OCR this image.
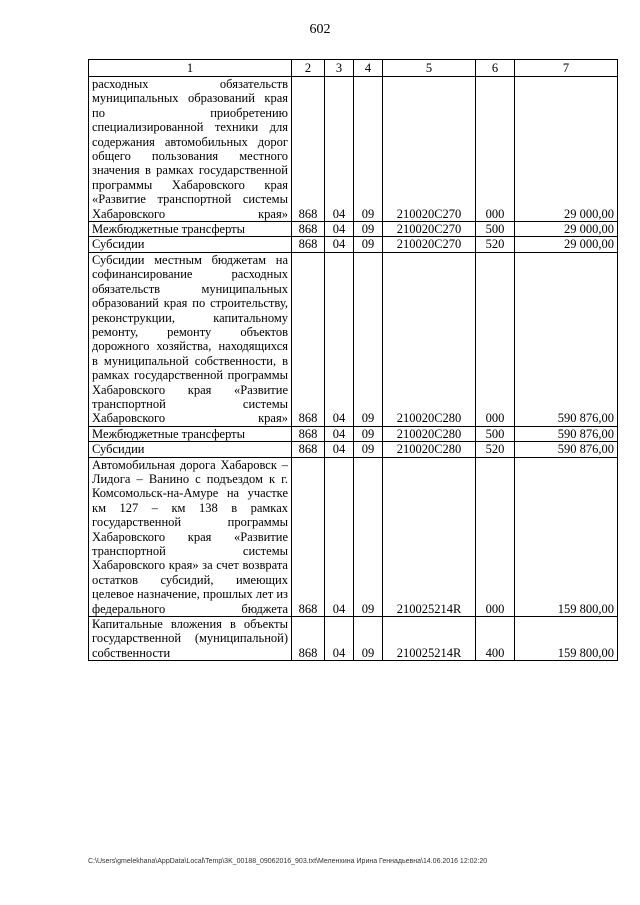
602
1	2	3	4	5	6	7
расходных обязательств муниципальных образований края по приобретению специализированной техники для содержания автомобильных дорог общего пользования местного значения в рамках государственной программы Хабаровского края «Развитие транспортной системы Хабаровского края»	868	04	09	210020С270	000	29 000,00
Межбюджетные трансферты	868	04	09	210020С270	500	29 000,00
Субсидии	868	04	09	210020С270	520	29 000,00
Субсидии местным бюджетам на софинансирование расходных обязательств муниципальных образований края по строительству, реконструкции, капитальному ремонту, ремонту объектов дорожного хозяйства, находящихся в муниципальной собственности, в рамках государственной программы Хабаровского края «Развитие транспортной системы Хабаровского края»	868	04	09	210020С280	000	590 876,00
Межбюджетные трансферты	868	04	09	210020С280	500	590 876,00
Субсидии	868	04	09	210020С280	520	590 876,00
Автомобильная дорога Хабаровск – Лидога – Ванино с подъездом к г. Комсомольск-на-Амуре на участке км 127 – км 138 в рамках государственной программы Хабаровского края «Развитие транспортной системы Хабаровского края» за счет возврата остатков субсидий, имеющих целевое назначение, прошлых лет из федерального бюджета	868	04	09	210025214R	000	159 800,00
Капитальные вложения в объекты государственной (муниципальной) собственности	868	04	09	210025214R	400	159 800,00
C:\Users\gmelekhana\AppData\Local\Temp\3K_00188_09062016_903.txt\Меленхина Ирина Геннадьевна\14.06.2016 12:02:20
